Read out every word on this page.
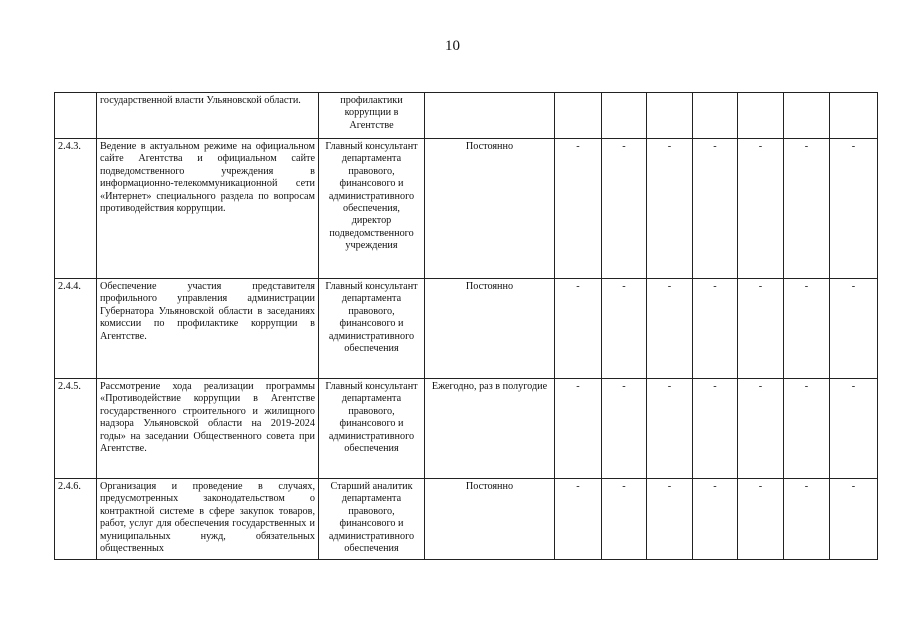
10
	государственной власти Ульяновской области.	профилактики коррупции в Агентстве								
2.4.3.	Ведение в актуальном режиме на официальном сайте Агентства и официальном сайте подведомственного учреждения в информационно-телекоммуникационной сети «Интернет» специального раздела по вопросам противодействия коррупции.	Главный консультант департамента правового, финансового и административного обеспечения, директор подведомственного учреждения	Постоянно	-	-	-	-	-	-	-
2.4.4.	Обеспечение участия представителя профильного управления администрации Губернатора Ульяновской области в заседаниях комиссии по профилактике коррупции в Агентстве.	Главный консультант департамента правового, финансового и административного обеспечения	Постоянно	-	-	-	-	-	-	-
2.4.5.	Рассмотрение хода реализации программы «Противодействие коррупции в Агентстве государственного строительного и жилищного надзора Ульяновской области на 2019-2024 годы» на заседании Общественного совета при Агентстве.	Главный консультант департамента правового, финансового и административного обеспечения	Ежегодно, раз в полугодие	-	-	-	-	-	-	-
2.4.6.	Организация и проведение в случаях, предусмотренных законодательством о контрактной системе в сфере закупок товаров, работ, услуг для обеспечения государственных и муниципальных нужд, обязательных общественных	Старший аналитик департамента правового, финансового и административного обеспечения	Постоянно	-	-	-	-	-	-	-
